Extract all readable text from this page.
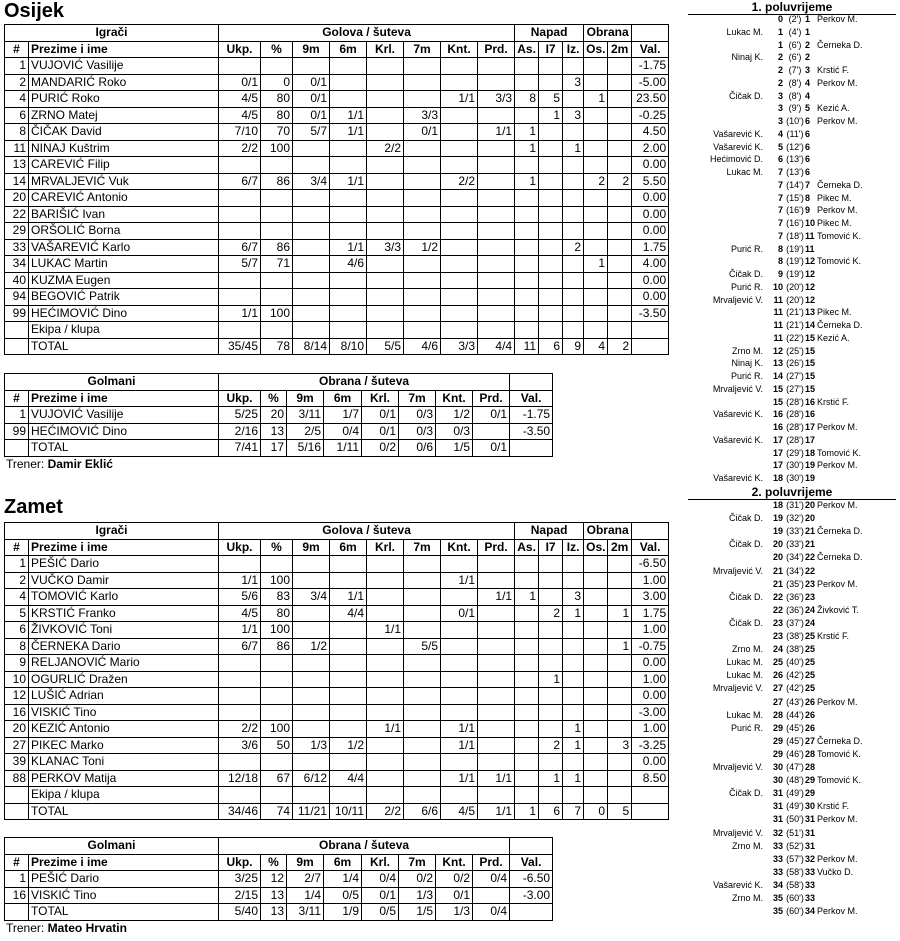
Osijek
Igrači		Golova / šuteva								Napad			Obrana		
#	Prezime i ime	Ukp.	%	9m	6m	Krl.	7m	Knt.	Prd.	As.	I7	Iz.	Os.	2m	Val.
1	VUJOVIĆ Vasilije														-1.75
2	MANDARIĆ Roko	0/1	0	0/1								3			-5.00
4	PURIĆ Roko	4/5	80	0/1				1/1	3/3	8	5		1		23.50
6	ZRNO Matej	4/5	80	0/1	1/1		3/3				1	3			-0.25
8	ČIČAK David	7/10	70	5/7	1/1		0/1		1/1	1					4.50
11	NINAJ Kuštrim	2/2	100			2/2				1		1			2.00
13	CAREVIĆ Filip														0.00
14	MRVALJEVIĆ Vuk	6/7	86	3/4	1/1			2/2		1			2	2	5.50
20	CAREVIĆ Antonio														0.00
22	BARIŠIĆ Ivan														0.00
29	ORŠOLIĆ Borna														0.00
33	VAŠAREVIĆ Karlo	6/7	86		1/1	3/3	1/2					2			1.75
34	LUKAC Martin	5/7	71		4/6								1		4.00
40	KUZMA Eugen														0.00
94	BEGOVIĆ Patrik														0.00
99	HEĆIMOVIĆ Dino	1/1	100												-3.50
	Ekipa / klupa														
	TOTAL	35/45	78	8/14	8/10	5/5	4/6	3/3	4/4	11	6	9	4	2	
Golmani		Obrana / šuteva								
#	Prezime i ime	Ukp.	%	9m	6m	Krl.	7m	Knt.	Prd.	Val.
1	VUJOVIĆ Vasilije	5/25	20	3/11	1/7	0/1	0/3	1/2	0/1	-1.75
99	HEĆIMOVIĆ Dino	2/16	13	2/5	0/4	0/1	0/3	0/3		-3.50
	TOTAL	7/41	17	5/16	1/11	0/2	0/6	1/5	0/1	
Trener: Damir Eklić
Zamet
Igrači		Golova / šuteva								Napad			Obrana		
#	Prezime i ime	Ukp.	%	9m	6m	Krl.	7m	Knt.	Prd.	As.	I7	Iz.	Os.	2m	Val.
1	PEŠIĆ Dario														-6.50
2	VUČKO Damir	1/1	100					1/1							1.00
4	TOMOVIĆ Karlo	5/6	83	3/4	1/1				1/1	1		3			3.00
5	KRSTIĆ Franko	4/5	80		4/4			0/1			2	1		1	1.75
6	ŽIVKOVIĆ Toni	1/1	100			1/1									1.00
8	ČERNEKA Dario	6/7	86	1/2			5/5							1	-0.75
9	RELJANOVIĆ Mario														0.00
10	OGURLIĆ Dražen										1				1.00
12	LUŠIĆ Adrian														0.00
16	VISKIĆ Tino														-3.00
20	KEZIĆ Antonio	2/2	100			1/1		1/1				1			1.00
27	PIKEC Marko	3/6	50	1/3	1/2			1/1			2	1		3	-3.25
39	KLANAC Toni														0.00
88	PERKOV Matija	12/18	67	6/12	4/4			1/1	1/1		1	1			8.50
	Ekipa / klupa														
	TOTAL	34/46	74	11/21	10/11	2/2	6/6	4/5	1/1	1	6	7	0	5	
Golmani		Obrana / šuteva								
#	Prezime i ime	Ukp.	%	9m	6m	Krl.	7m	Knt.	Prd.	Val.
1	PEŠIĆ Dario	3/25	12	2/7	1/4	0/4	0/2	0/2	0/4	-6.50
16	VISKIĆ Tino	2/15	13	1/4	0/5	0/1	1/3	0/1		-3.00
	TOTAL	5/40	13	3/11	1/9	0/5	1/5	1/3	0/4	
Trener: Mateo Hrvatin
1. poluvrijeme
2. poluvrijeme
0 (2') 1 Perkov M.
Lukac M. 1 (4') 1
1 (6') 2 Černeka D.
Ninaj K. 2 (6') 2
2 (7') 3 Krstić F.
2 (8') 4 Perkov M.
Čičak D. 3 (8') 4
3 (9') 5 Kezić A.
3 (10') 6 Perkov M.
Vašarević K. 4 (11') 6
Vašarević K. 5 (12') 6
Hećimović D. 6 (13') 6
Lukac M. 7 (13') 6
7 (14') 7 Černeka D.
7 (15') 8 Pikec M.
7 (16') 9 Perkov M.
7 (16') 10 Pikec M.
7 (18') 11 Tomović K.
Purić R. 8 (19') 11
8 (19') 12 Tomović K.
Čičak D. 9 (19') 12
Purić R. 10 (20') 12
Mrvaljević V. 11 (20') 12
11 (21') 13 Pikec M.
11 (21') 14 Černeka D.
11 (22') 15 Kezić A.
Zrno M. 12 (25') 15
Ninaj K. 13 (26') 15
Purić R. 14 (27') 15
Mrvaljević V. 15 (27') 15
15 (28') 16 Krstić F.
Vašarević K. 16 (28') 16
16 (28') 17 Perkov M.
Vašarević K. 17 (28') 17
17 (29') 18 Tomović K.
17 (30') 19 Perkov M.
Vašarević K. 18 (30') 19
18 (31') 20 Perkov M.
Čičak D. 19 (32') 20
19 (33') 21 Černeka D.
Čičak D. 20 (33') 21
20 (34') 22 Černeka D.
Mrvaljević V. 21 (34') 22
21 (35') 23 Perkov M.
Čičak D. 22 (36') 23
22 (36') 24 Živković T.
Čičak D. 23 (37') 24
23 (38') 25 Krstić F.
Zrno M. 24 (38') 25
Lukac M. 25 (40') 25
Lukac M. 26 (42') 25
Mrvaljević V. 27 (42') 25
27 (43') 26 Perkov M.
Lukac M. 28 (44') 26
Purić R. 29 (45') 26
29 (45') 27 Černeka D.
29 (46') 28 Tomović K.
Mrvaljević V. 30 (47') 28
30 (48') 29 Tomović K.
Čičak D. 31 (49') 29
31 (49') 30 Krstić F.
31 (50') 31 Perkov M.
Mrvaljević V. 32 (51') 31
Zrno M. 33 (52') 31
33 (57') 32 Perkov M.
33 (58') 33 Vučko D.
Vašarević K. 34 (58') 33
Zrno M. 35 (60') 33
35 (60') 34 Perkov M.
